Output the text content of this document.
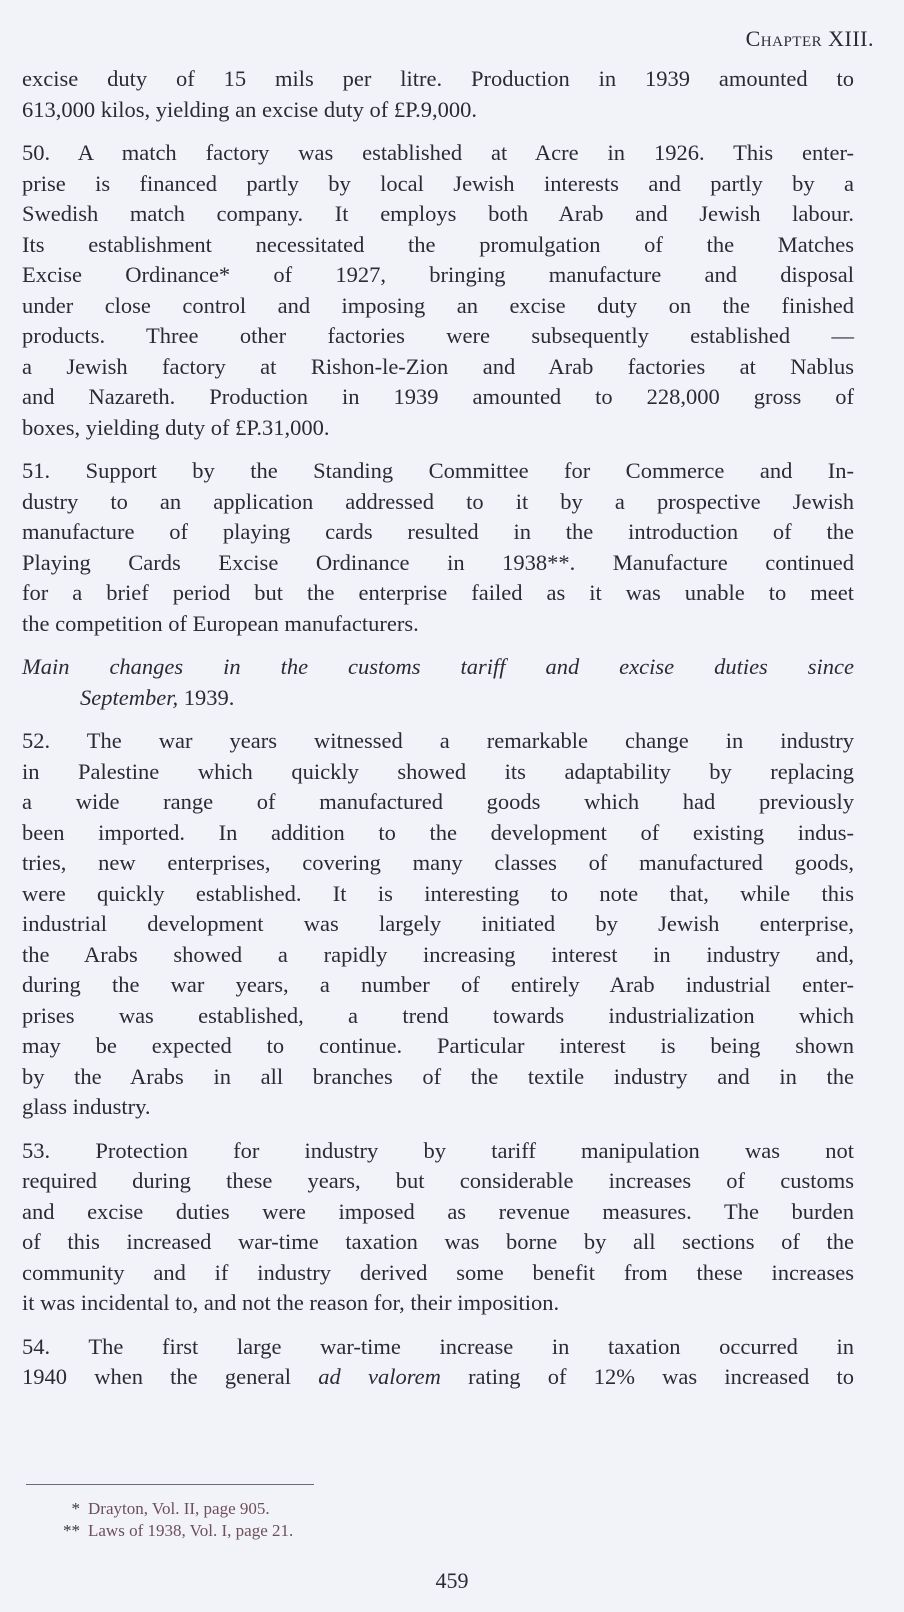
Chapter XIII.
excise duty of 15 mils per litre. Production in 1939 amounted to
613,000 kilos, yielding an excise duty of £P.9,000.
50. A match factory was established at Acre in 1926. This enter-
prise is financed partly by local Jewish interests and partly by a
Swedish match company. It employs both Arab and Jewish labour.
Its establishment necessitated the promulgation of the Matches
Excise Ordinance* of 1927, bringing manufacture and disposal
under close control and imposing an excise duty on the finished
products. Three other factories were subsequently established —
a Jewish factory at Rishon-le-Zion and Arab factories at Nablus
and Nazareth. Production in 1939 amounted to 228,000 gross of
boxes, yielding duty of £P.31,000.
51. Support by the Standing Committee for Commerce and In-
dustry to an application addressed to it by a prospective Jewish
manufacture of playing cards resulted in the introduction of the
Playing Cards Excise Ordinance in 1938**. Manufacture continued
for a brief period but the enterprise failed as it was unable to meet
the competition of European manufacturers.
Main changes in the customs tariff and excise duties since
September, 1939.
52. The war years witnessed a remarkable change in industry
in Palestine which quickly showed its adaptability by replacing
a wide range of manufactured goods which had previously
been imported. In addition to the development of existing indus-
tries, new enterprises, covering many classes of manufactured goods,
were quickly established. It is interesting to note that, while this
industrial development was largely initiated by Jewish enterprise,
the Arabs showed a rapidly increasing interest in industry and,
during the war years, a number of entirely Arab industrial enter-
prises was established, a trend towards industrialization which
may be expected to continue. Particular interest is being shown
by the Arabs in all branches of the textile industry and in the
glass industry.
53. Protection for industry by tariff manipulation was not
required during these years, but considerable increases of customs
and excise duties were imposed as revenue measures. The burden
of this increased war-time taxation was borne by all sections of the
community and if industry derived some benefit from these increases
it was incidental to, and not the reason for, their imposition.
54. The first large war-time increase in taxation occurred in
1940 when the general ad valorem rating of 12% was increased to
* Drayton, Vol. II, page 905.
** Laws of 1938, Vol. I, page 21.
459
